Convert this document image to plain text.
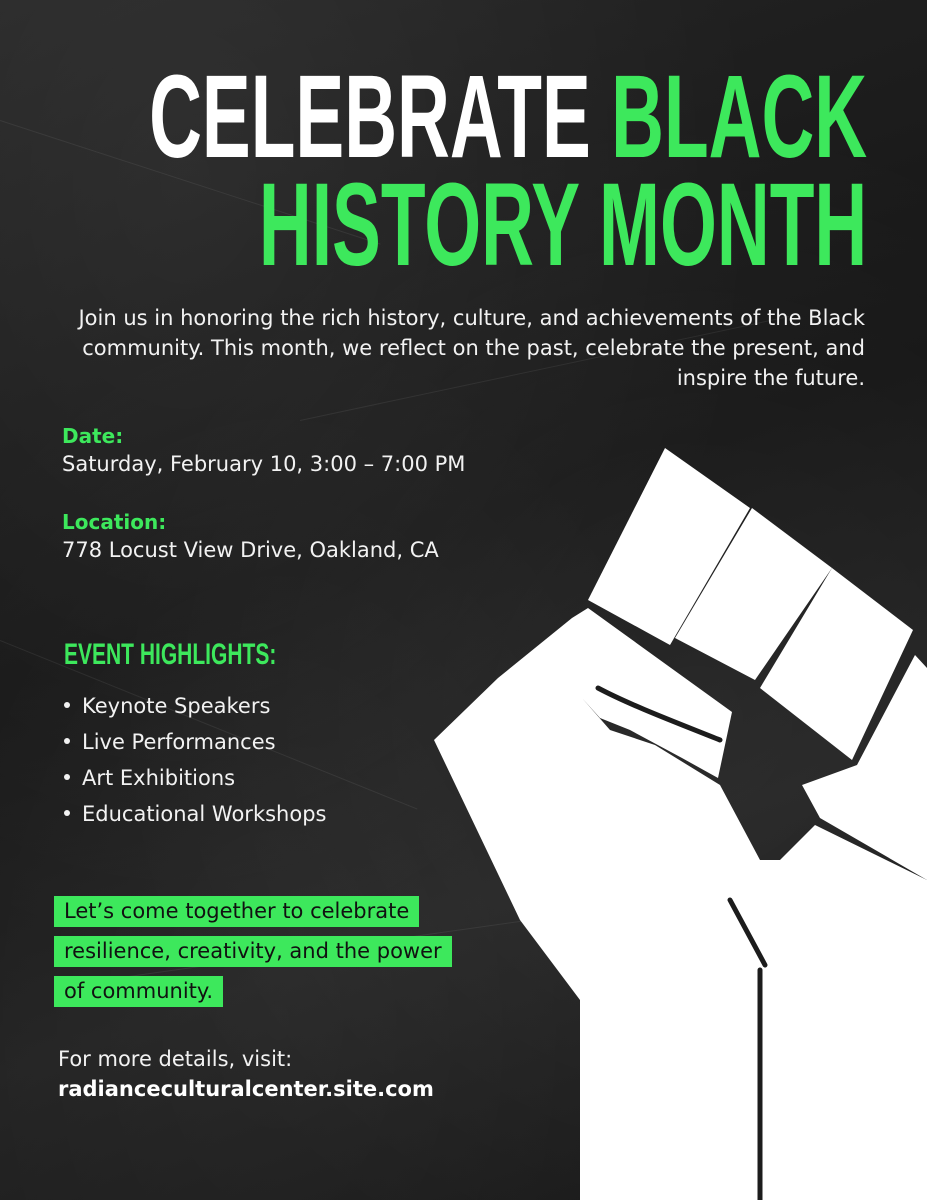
CELEBRATE BLACK
HISTORY MONTH

Join us in honoring the rich history, culture, and achievements of the Black community. This month, we reflect on the past, celebrate the present, and inspire the future.

Date:

Saturday, February 10, 3:00 – 7:00 PM

Location:

778 Locust View Drive, Oakland, CA

EVENT HIGHLIGHTS:

Keynote Speakers
Live Performances
Art Exhibitions
Educational Workshops

Let’s come together to celebrate

resilience, creativity, and the power

of community.

For more details, visit:

radianceculturalcenter.site.com
